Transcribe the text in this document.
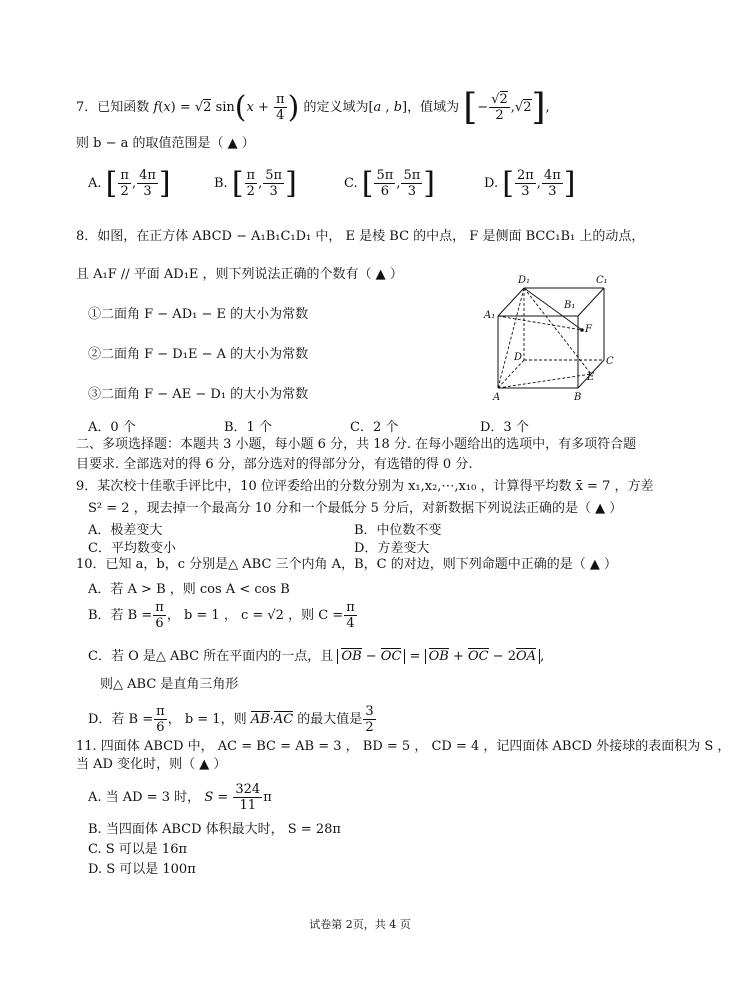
7．已知函数 f(x) = √2 $\sin(x + \frac{\pi}{4}$ ) 的定义域为[a , b]，值域为 [− $\frac{√2}{2} ,√2$],
则 b − a 的取值范围是（ ▲ ）
A. [ $\frac{\pi}{2}$ , $\frac{4\pi}{3}$ ]	B. [ $\frac{\pi}{2}$ , $\frac{5\pi}{3}$ ]	C. [ $\frac{5\pi}{6}$ , $\frac{5\pi}{3}$ ]	D. [ $\frac{2\pi}{3}$ , $\frac{4\pi}{3}$ ]
8．如图，在正方体 ABCD − A₁B₁C₁D₁ 中， E 是棱 BC 的中点， F 是侧面 BCC₁B₁ 上的动点，
且 A₁F // 平面 AD₁E ，则下列说法正确的个数有（ ▲ ）
①二面角 F − AD₁ − E 的大小为常数
②二面角 F − D₁E − A 的大小为常数
③二面角 F − AE − D₁ 的大小为常数
D₁	C₁
B₁
A₁
F
D	C
E
A	B
A．0 个	B．1 个	C．2 个	D．3 个
二、多项选择题：本题共 3 小题，每小题 6 分，共 18 分. 在每小题给出的选项中，有多项符合题
目要求. 全部选对的得 6 分，部分选对的得部分分，有选错的得 0 分.
9．某次校十佳歌手评比中，10 位评委给出的分数分别为 x₁,x₂,⋯,x₁₀ ，计算得平均数 x̄ = 7 ，方差
S² = 2 ，现去掉一个最高分 10 分和一个最低分 5 分后，对新数据下列说法正确的是（ ▲ ）
A．极差变大	B．中位数不变
C．平均数变小	D．方差变大
10．已知 a，b，c 分别是△ ABC 三个内角 A，B，C 的对边，则下列命题中正确的是（ ▲ ）
A．若 A > B ，则 cos A < cos B
B．若 $B = \frac{\pi}{6}$ ， b = 1 ， c = √2 ，则 $C = \frac{\pi}{4}$
C．若 O 是△ ABC 所在平面内的一点，且 OB − OC = OB + OC − 2OA ,
则△ ABC 是直角三角形
D．若 $B = \frac{\pi}{6}$ ， b = 1，则 AB·AC 的最大值是 $\frac{3}{2}$
11. 四面体 ABCD 中， AC = BC = AB = 3 ， BD = 5 ， CD = 4 ，记四面体 ABCD 外接球的表面积为 S ，
当 AD 变化时，则（ ▲ ）
A. 当 AD = 3 时， $S = \frac{324}{11}$ π
B. 当四面体 ABCD 体积最大时， S = 28π
C. S 可以是 16π
D. S 可以是 100π
试卷第 2页，共 4 页
